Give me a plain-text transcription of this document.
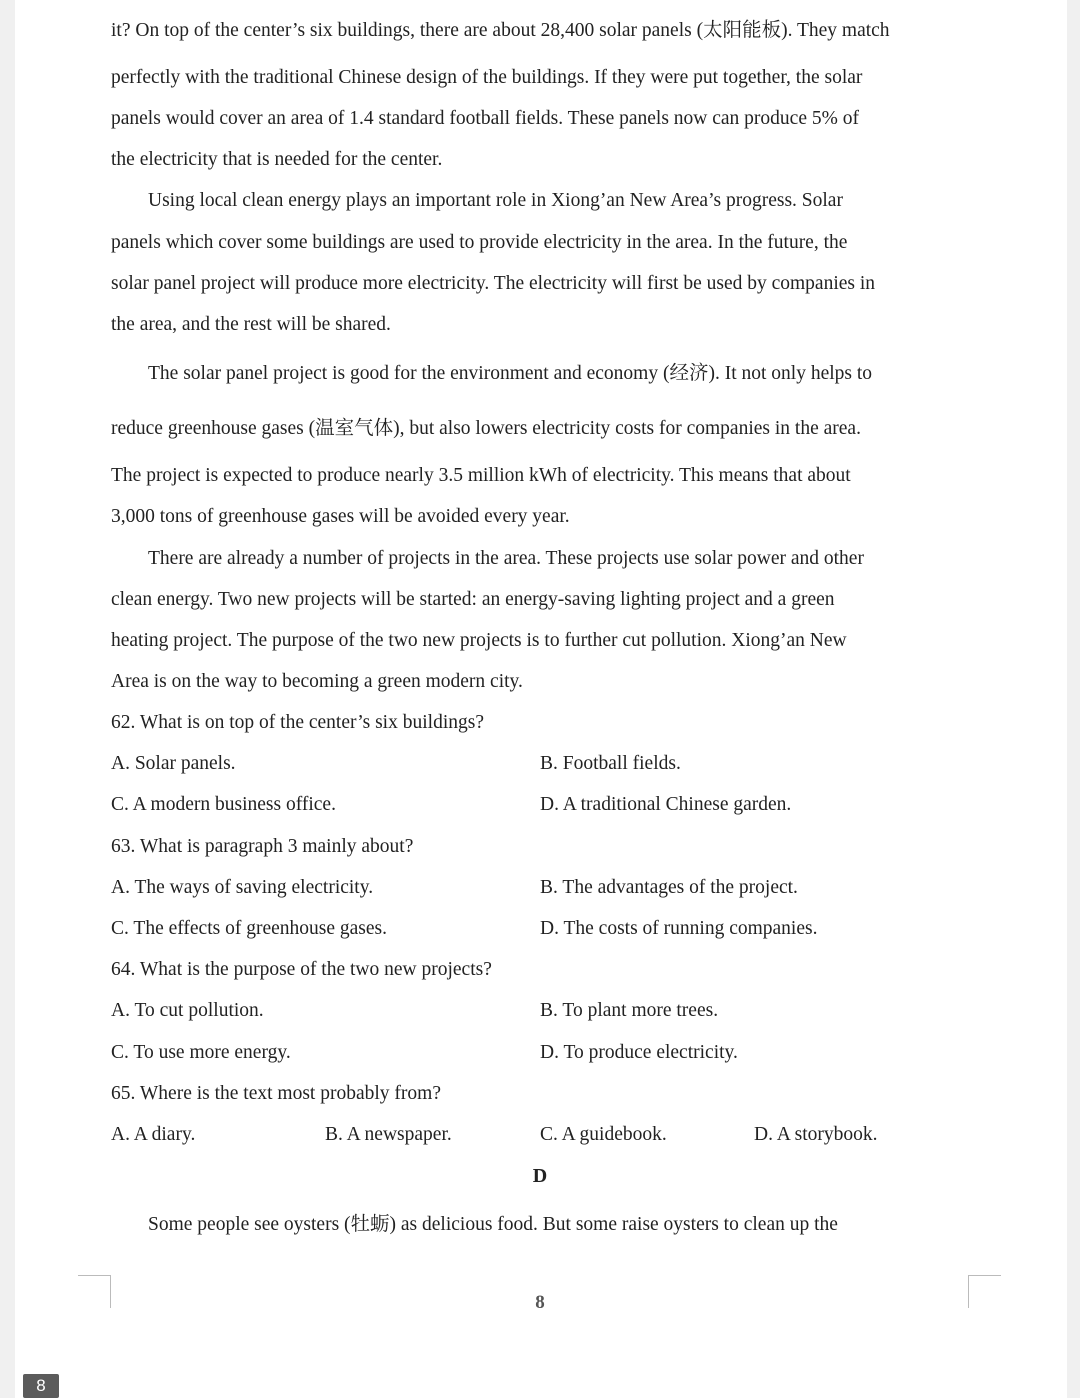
it? On top of the center’s six buildings, there are about 28,400 solar panels (太阳能板). They match
perfectly with the traditional Chinese design of the buildings. If they were put together, the solar
panels would cover an area of 1.4 standard football fields. These panels now can produce 5% of
the electricity that is needed for the center.
Using local clean energy plays an important role in Xiong’an New Area’s progress. Solar
panels which cover some buildings are used to provide electricity in the area. In the future, the
solar panel project will produce more electricity. The electricity will first be used by companies in
the area, and the rest will be shared.
The solar panel project is good for the environment and economy (经济). It not only helps to
reduce greenhouse gases (温室气体), but also lowers electricity costs for companies in the area.
The project is expected to produce nearly 3.5 million kWh of electricity. This means that about
3,000 tons of greenhouse gases will be avoided every year.
There are already a number of projects in the area. These projects use solar power and other
clean energy. Two new projects will be started: an energy-saving lighting project and a green
heating project. The purpose of the two new projects is to further cut pollution. Xiong’an New
Area is on the way to becoming a green modern city.
62. What is on top of the center’s six buildings?
A. Solar panels.	B. Football fields.
C. A modern business office.	D. A traditional Chinese garden.
63. What is paragraph 3 mainly about?
A. The ways of saving electricity.	B. The advantages of the project.
C. The effects of greenhouse gases.	D. The costs of running companies.
64. What is the purpose of the two new projects?
A. To cut pollution.	B. To plant more trees.
C. To use more energy.	D. To produce electricity.
65. Where is the text most probably from?
A. A diary.	B. A newspaper.	C. A guidebook.	D. A storybook.
D
Some people see oysters (牡蛎) as delicious food. But some raise oysters to clean up the
8
8
